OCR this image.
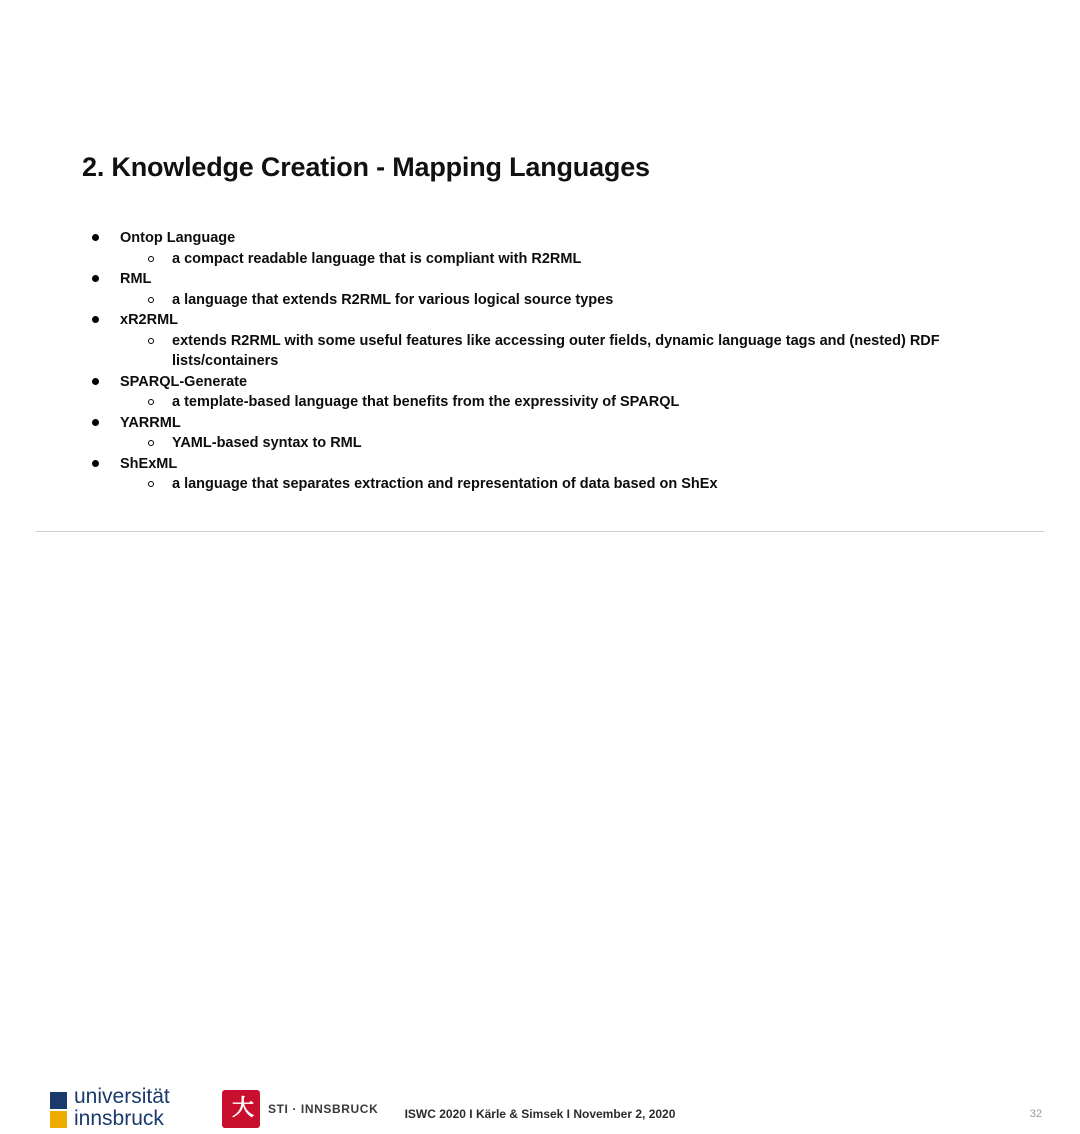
2. Knowledge Creation - Mapping Languages
Ontop Language
a compact readable language that is compliant with R2RML
RML
a language that extends R2RML for various logical source types
xR2RML
extends R2RML with some useful features like accessing outer fields, dynamic language tags and (nested) RDF lists/containers
SPARQL-Generate
a template-based language that benefits from the expressivity of SPARQL
YARRML
YAML-based syntax to RML
ShExML
a language that separates extraction and representation of data based on ShEx
universität
innsbruck	大 STI · INNSBRUCK	ISWC 2020 I Kärle & Simsek I November 2, 2020	32
